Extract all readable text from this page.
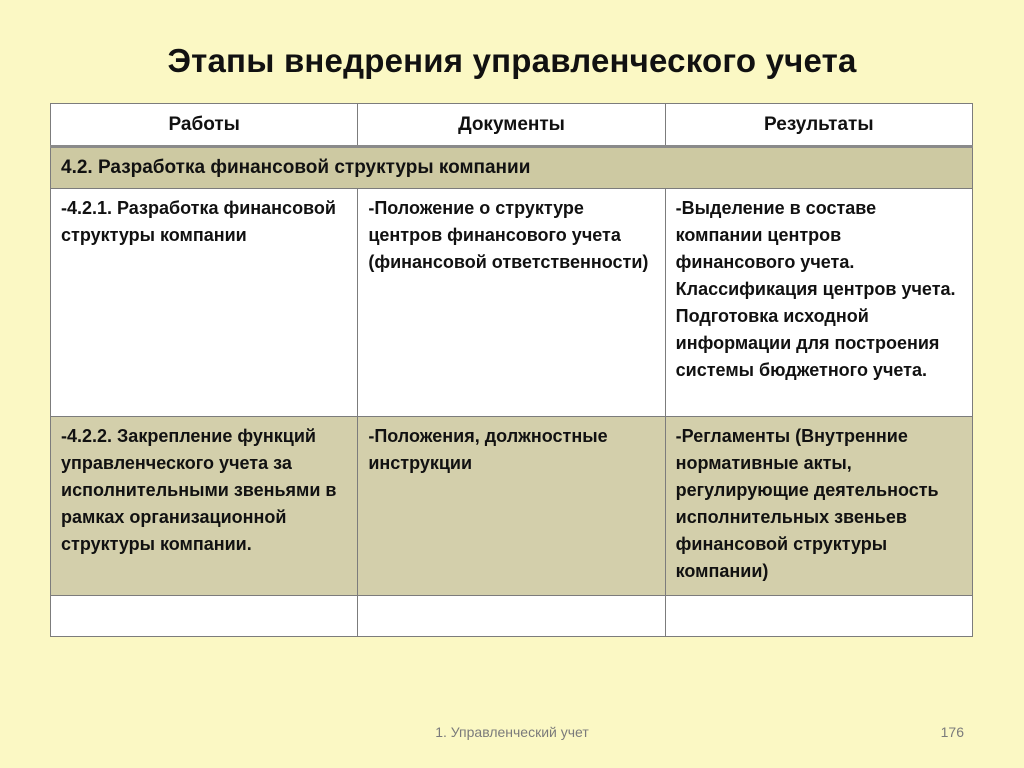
Этапы внедрения управленческого учета
Работы	Документы	Результаты
4.2. Разработка финансовой структуры компании		
-4.2.1. Разработка финансовой структуры компании	-Положение о структуре центров финансового учета (финансовой ответственности)	-Выделение в составе компании центров финансового учета. Классификация центров учета. Подготовка исходной информации для построения системы бюджетного учета.
-4.2.2. Закрепление функций управленческого учета за исполнительными звеньями в рамках организационной структуры компании.	-Положения, должностные инструкции	-Регламенты (Внутренние нормативные акты, регулирующие деятельность исполнительных звеньев финансовой структуры компании)

1. Управленческий учет	176
